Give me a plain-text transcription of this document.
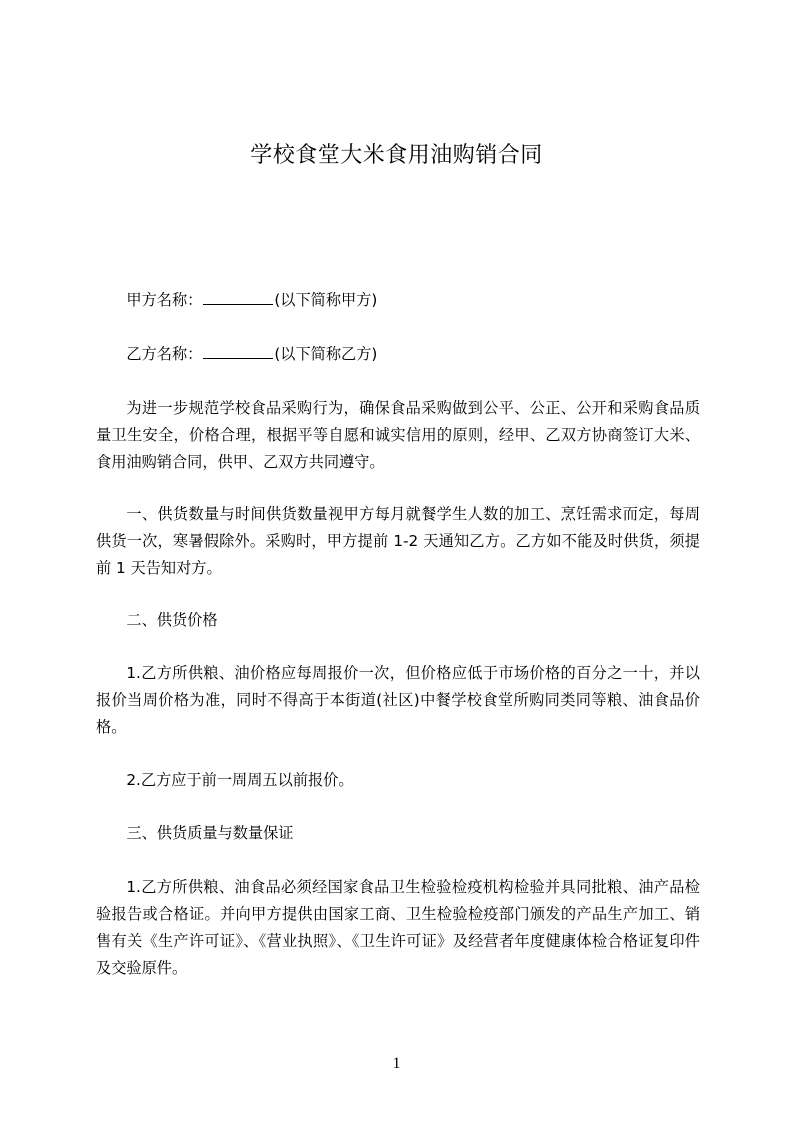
学校食堂大米食用油购销合同

甲方名称：	(以下简称甲方)

乙方名称：	(以下简称乙方)

为进一步规范学校食品采购行为，确保食品采购做到公平、公正、公开和采购食品质量卫生安全，价格合理，根据平等自愿和诚实信用的原则，经甲、乙双方协商签订大米、食用油购销合同，供甲、乙双方共同遵守。

一、供货数量与时间供货数量视甲方每月就餐学生人数的加工、烹饪需求而定，每周供货一次，寒暑假除外。采购时，甲方提前 1-2 天通知乙方。乙方如不能及时供货，须提前 1 天告知对方。

二、供货价格

1.乙方所供粮、油价格应每周报价一次，但价格应低于市场价格的百分之一十，并以报价当周价格为准，同时不得高于本街道(社区)中餐学校食堂所购同类同等粮、油食品价格。

2.乙方应于前一周周五以前报价。

三、供货质量与数量保证

1.乙方所供粮、油食品必须经国家食品卫生检验检疫机构检验并具同批粮、油产品检验报告或合格证。并向甲方提供由国家工商、卫生检验检疫部门颁发的产品生产加工、销售有关《生产许可证》、《营业执照》、《卫生许可证》及经营者年度健康体检合格证复印件及交验原件。

1
